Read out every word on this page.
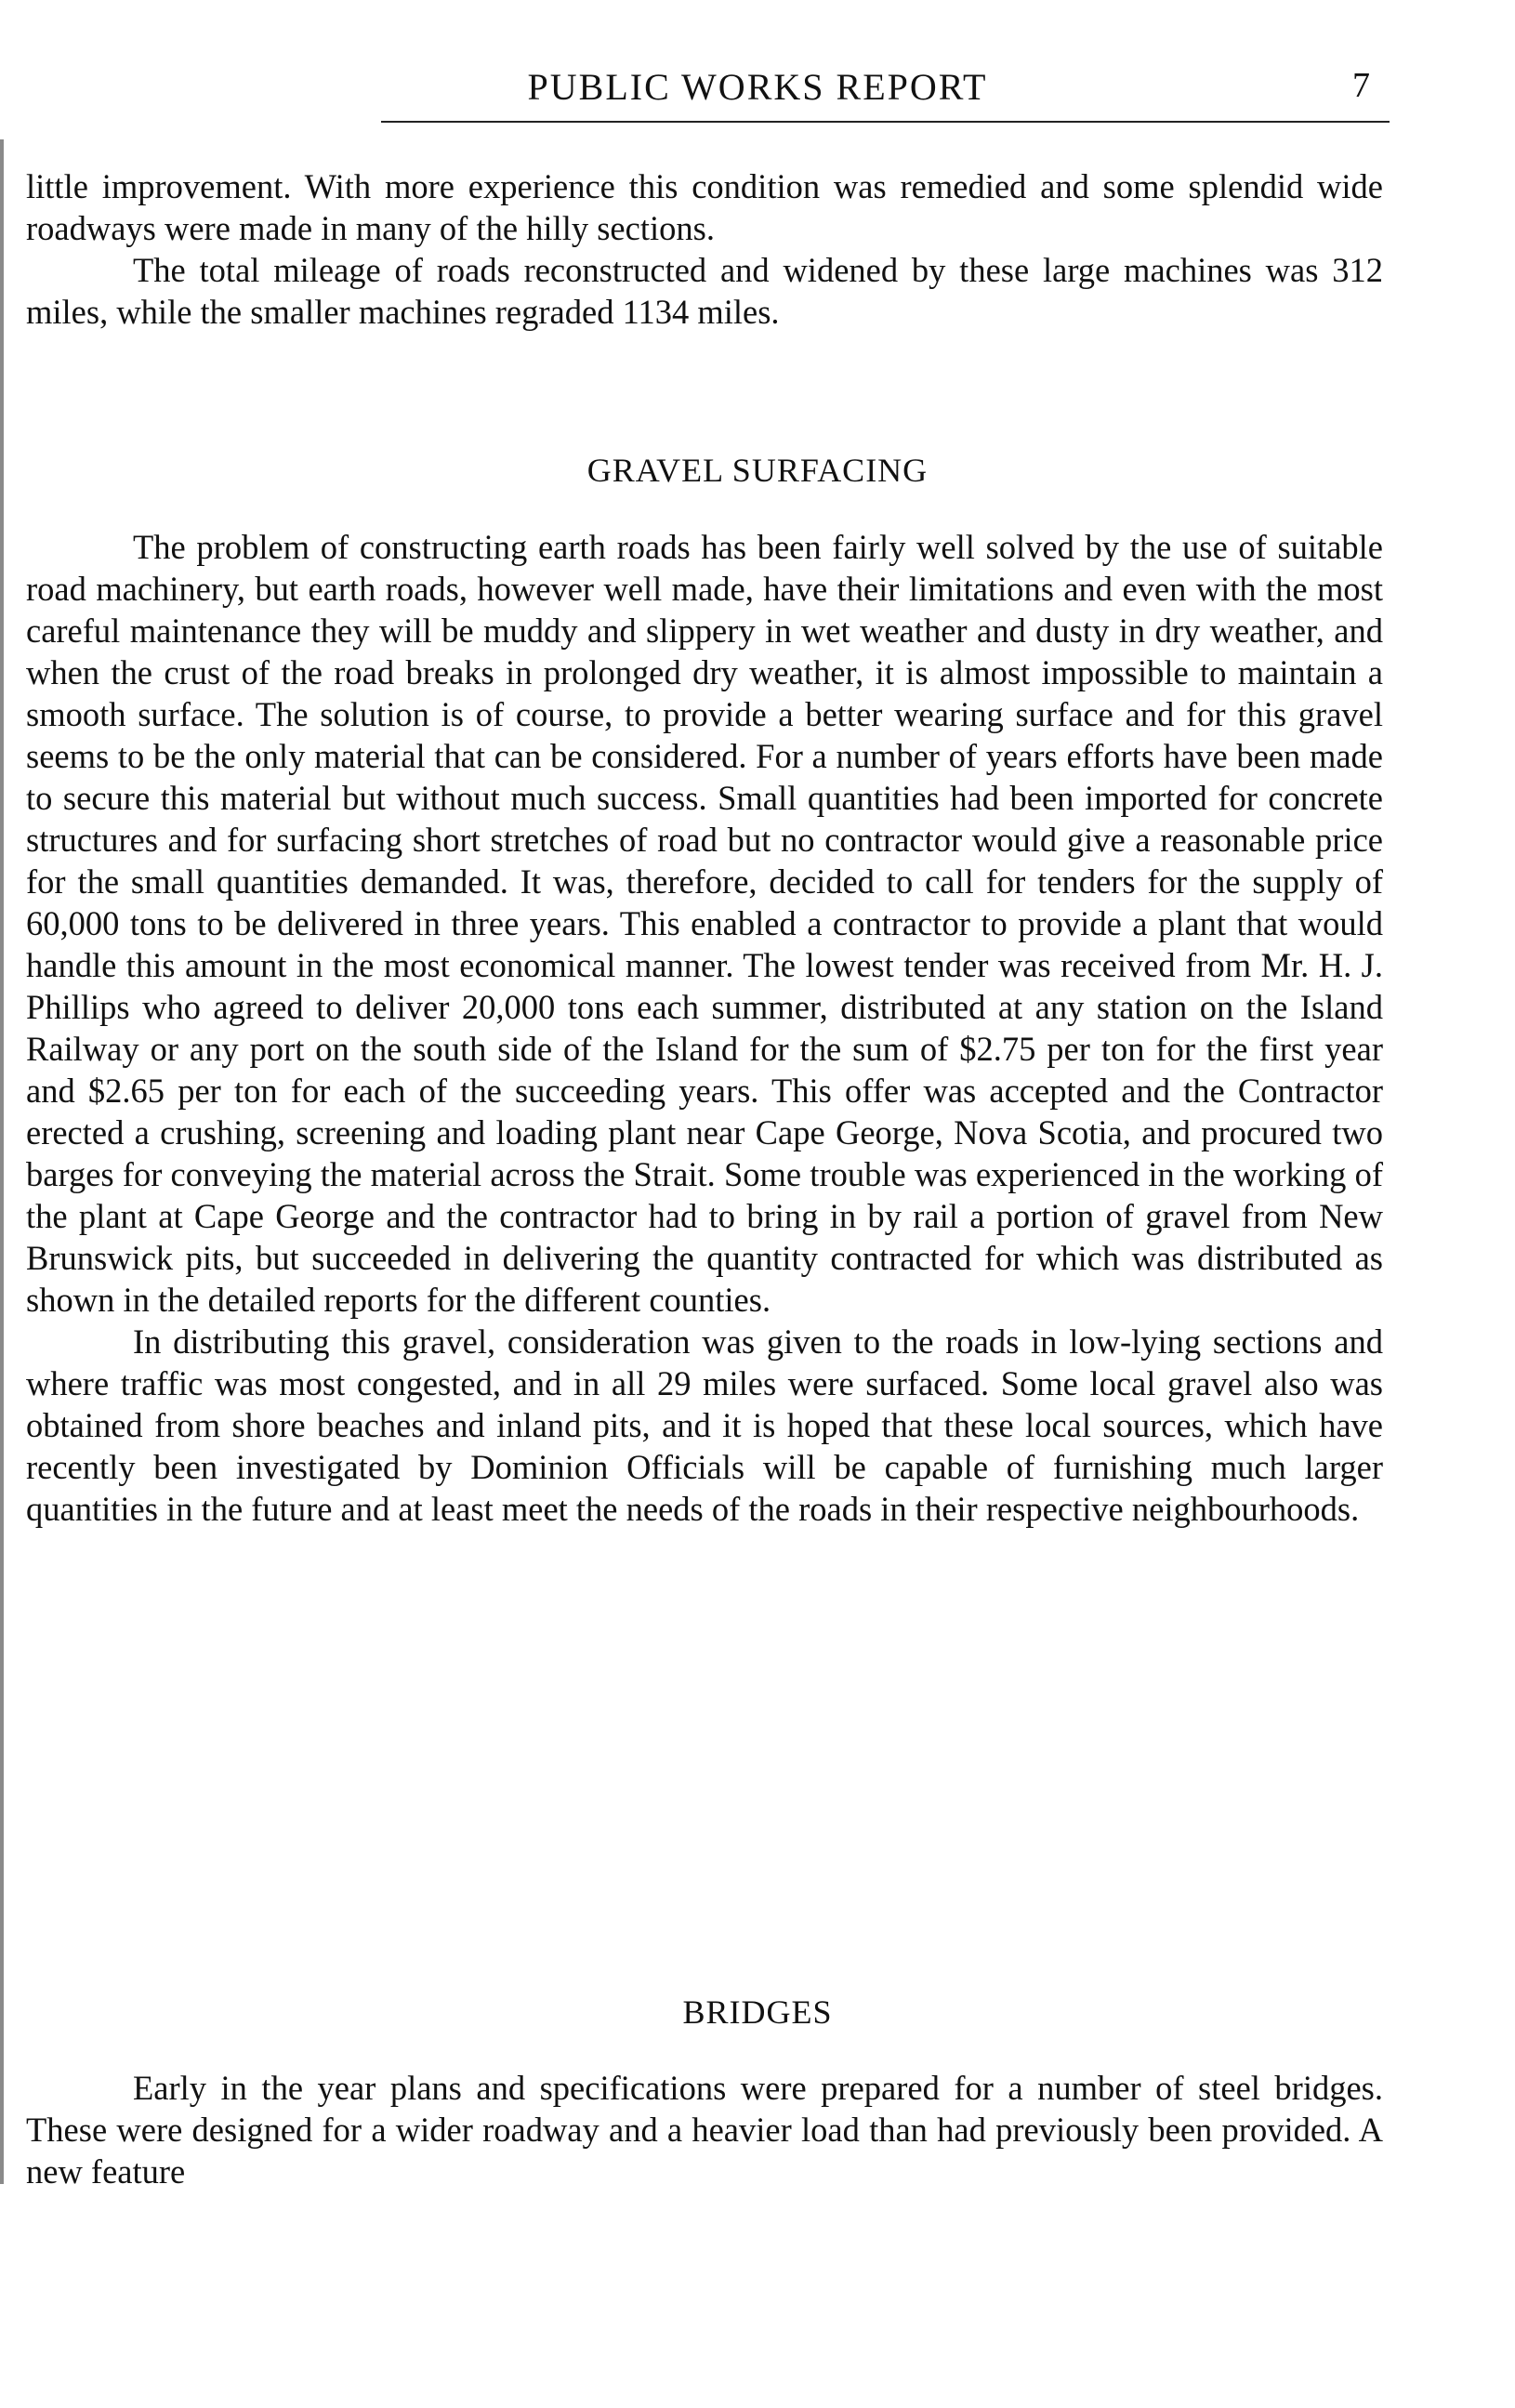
PUBLIC WORKS REPORT	7

little improvement. With more experience this condition was remedied and some splendid wide roadways were made in many of the hilly sections.

The total mileage of roads reconstructed and widened by these large machines was 312 miles, while the smaller machines regraded 1134 miles.

GRAVEL SURFACING

The problem of constructing earth roads has been fairly well solved by the use of suitable road machinery, but earth roads, however well made, have their limitations and even with the most careful maintenance they will be muddy and slippery in wet weather and dusty in dry weather, and when the crust of the road breaks in prolonged dry weather, it is almost impossible to maintain a smooth surface. The solution is of course, to provide a better wearing surface and for this gravel seems to be the only material that can be considered. For a number of years efforts have been made to secure this material but without much success. Small quantities had been imported for concrete structures and for surfacing short stretches of road but no contractor would give a reasonable price for the small quantities demanded. It was, therefore, decided to call for tenders for the supply of 60,000 tons to be delivered in three years. This enabled a contractor to provide a plant that would handle this amount in the most economical manner. The lowest tender was received from Mr. H. J. Phillips who agreed to deliver 20,000 tons each summer, distributed at any station on the Island Railway or any port on the south side of the Island for the sum of $2.75 per ton for the first year and $2.65 per ton for each of the succeeding years. This offer was accepted and the Contractor erected a crushing, screening and loading plant near Cape George, Nova Scotia, and procured two barges for conveying the material across the Strait. Some trouble was experienced in the working of the plant at Cape George and the contractor had to bring in by rail a portion of gravel from New Brunswick pits, but succeeded in delivering the quantity contracted for which was distributed as shown in the detailed reports for the different counties.

In distributing this gravel, consideration was given to the roads in low-lying sections and where traffic was most congested, and in all 29 miles were surfaced. Some local gravel also was obtained from shore beaches and inland pits, and it is hoped that these local sources, which have recently been investigated by Dominion Officials will be capable of furnishing much larger quantities in the future and at least meet the needs of the roads in their respective neighbourhoods.

BRIDGES

Early in the year plans and specifications were prepared for a number of steel bridges. These were designed for a wider roadway and a heavier load than had previously been provided. A new feature
